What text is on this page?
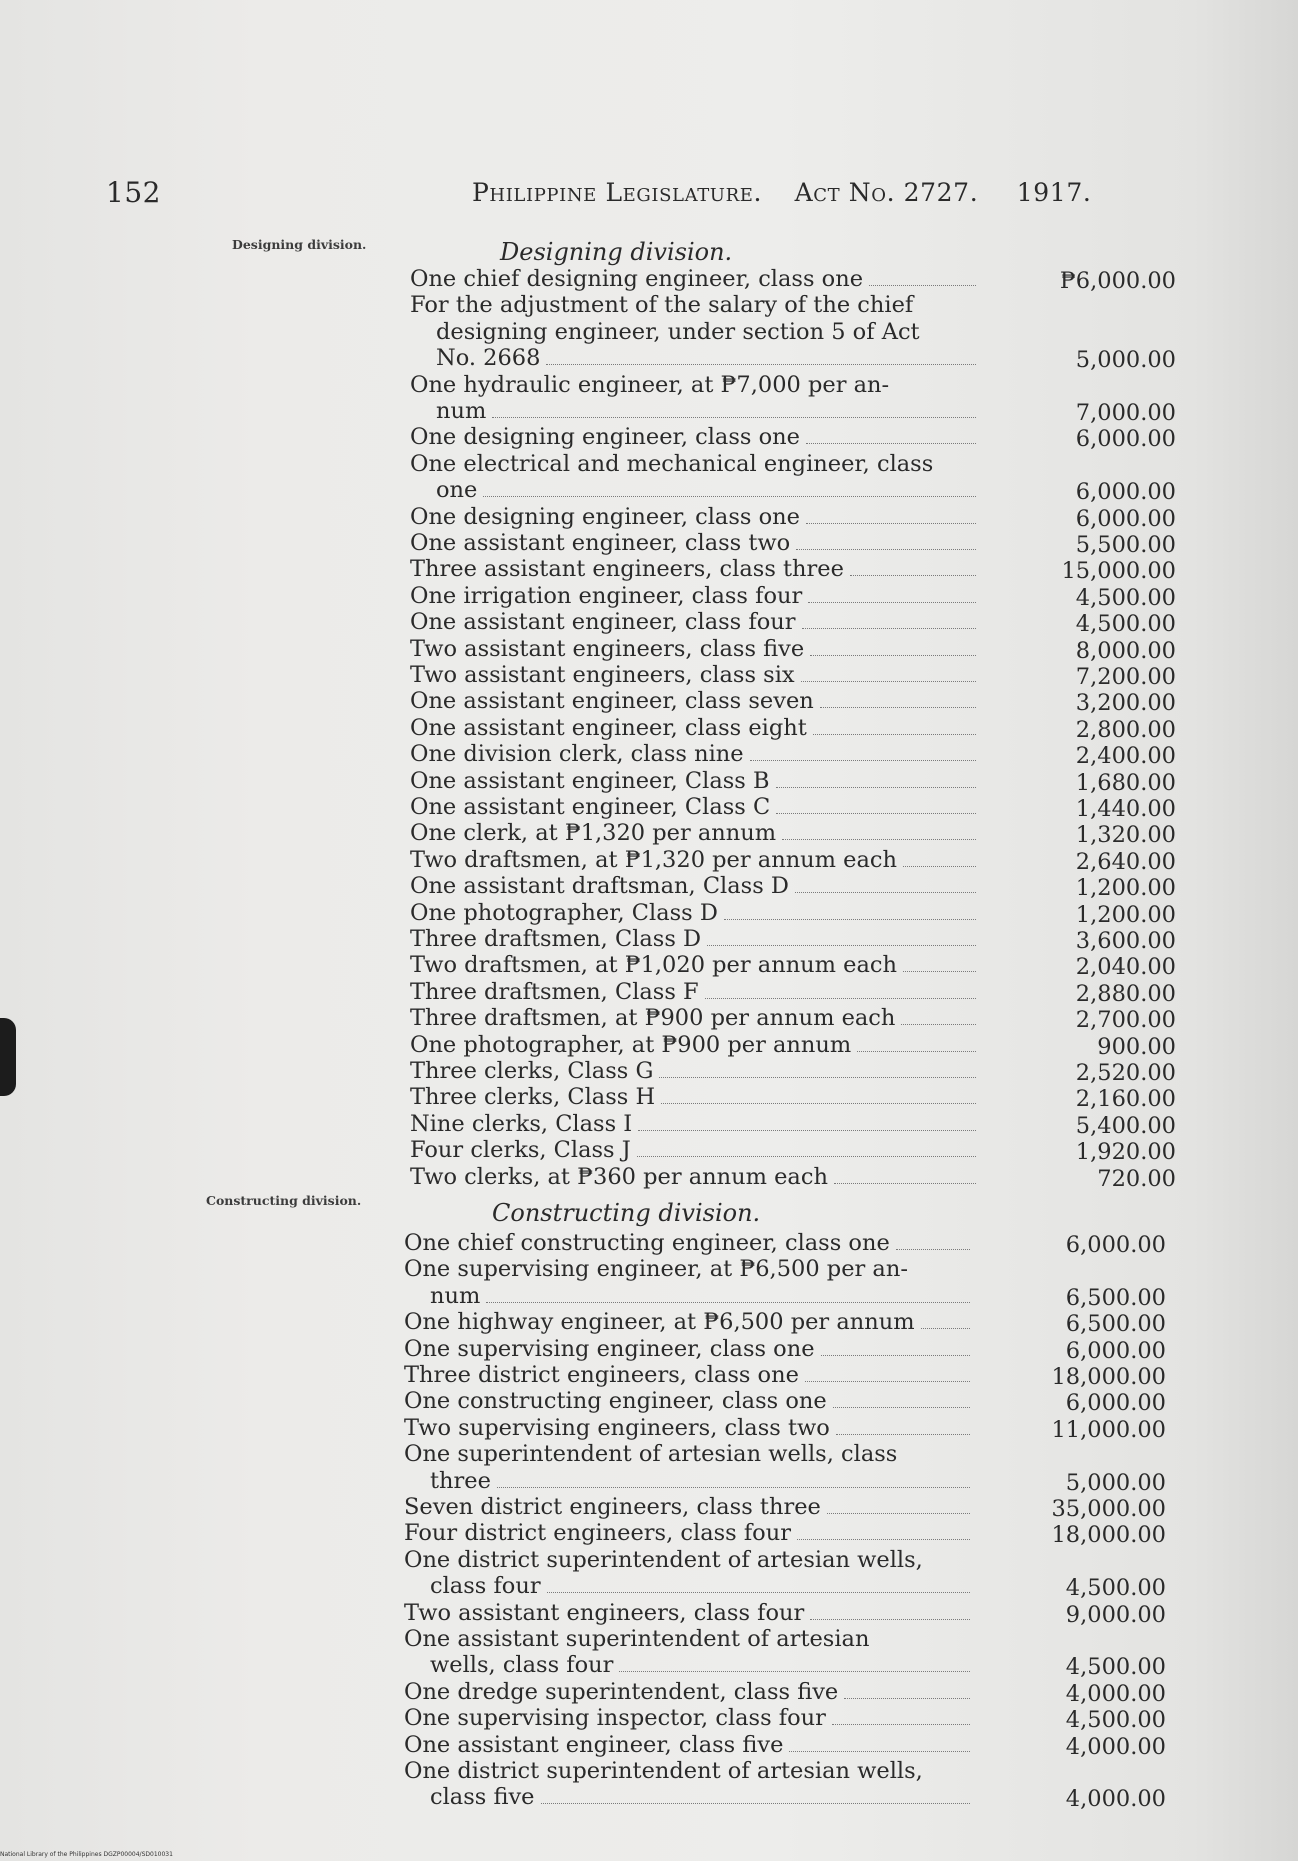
152	Philippine Legislature. Act No. 2727. 1917.
Designing division.	Designing division.
One chief designing engineer, class one	₱6,000.00
For the adjustment of the salary of the chief
designing engineer, under section 5 of Act
No. 2668	5,000.00
One hydraulic engineer, at ₱7,000 per an-
num	7,000.00
One designing engineer, class one	6,000.00
One electrical and mechanical engineer, class
one	6,000.00
One designing engineer, class one	6,000.00
One assistant engineer, class two	5,500.00
Three assistant engineers, class three	15,000.00
One irrigation engineer, class four	4,500.00
One assistant engineer, class four	4,500.00
Two assistant engineers, class five	8,000.00
Two assistant engineers, class six	7,200.00
One assistant engineer, class seven	3,200.00
One assistant engineer, class eight	2,800.00
One division clerk, class nine	2,400.00
One assistant engineer, Class B	1,680.00
One assistant engineer, Class C	1,440.00
One clerk, at ₱1,320 per annum	1,320.00
Two draftsmen, at ₱1,320 per annum each	2,640.00
One assistant draftsman, Class D	1,200.00
One photographer, Class D	1,200.00
Three draftsmen, Class D	3,600.00
Two draftsmen, at ₱1,020 per annum each	2,040.00
Three draftsmen, Class F	2,880.00
Three draftsmen, at ₱900 per annum each	2,700.00
One photographer, at ₱900 per annum	900.00
Three clerks, Class G	2,520.00
Three clerks, Class H	2,160.00
Nine clerks, Class I	5,400.00
Four clerks, Class J	1,920.00
Two clerks, at ₱360 per annum each	720.00
Constructing division.	Constructing division.
One chief constructing engineer, class one	6,000.00
One supervising engineer, at ₱6,500 per an-
num	6,500.00
One highway engineer, at ₱6,500 per annum	6,500.00
One supervising engineer, class one	6,000.00
Three district engineers, class one	18,000.00
One constructing engineer, class one	6,000.00
Two supervising engineers, class two	11,000.00
One superintendent of artesian wells, class
three	5,000.00
Seven district engineers, class three	35,000.00
Four district engineers, class four	18,000.00
One district superintendent of artesian wells,
class four	4,500.00
Two assistant engineers, class four	9,000.00
One assistant superintendent of artesian
wells, class four	4,500.00
One dredge superintendent, class five	4,000.00
One supervising inspector, class four	4,500.00
One assistant engineer, class five	4,000.00
One district superintendent of artesian wells,
class five	4,000.00
National Library of the Philippines DGZP00004/SD010031
